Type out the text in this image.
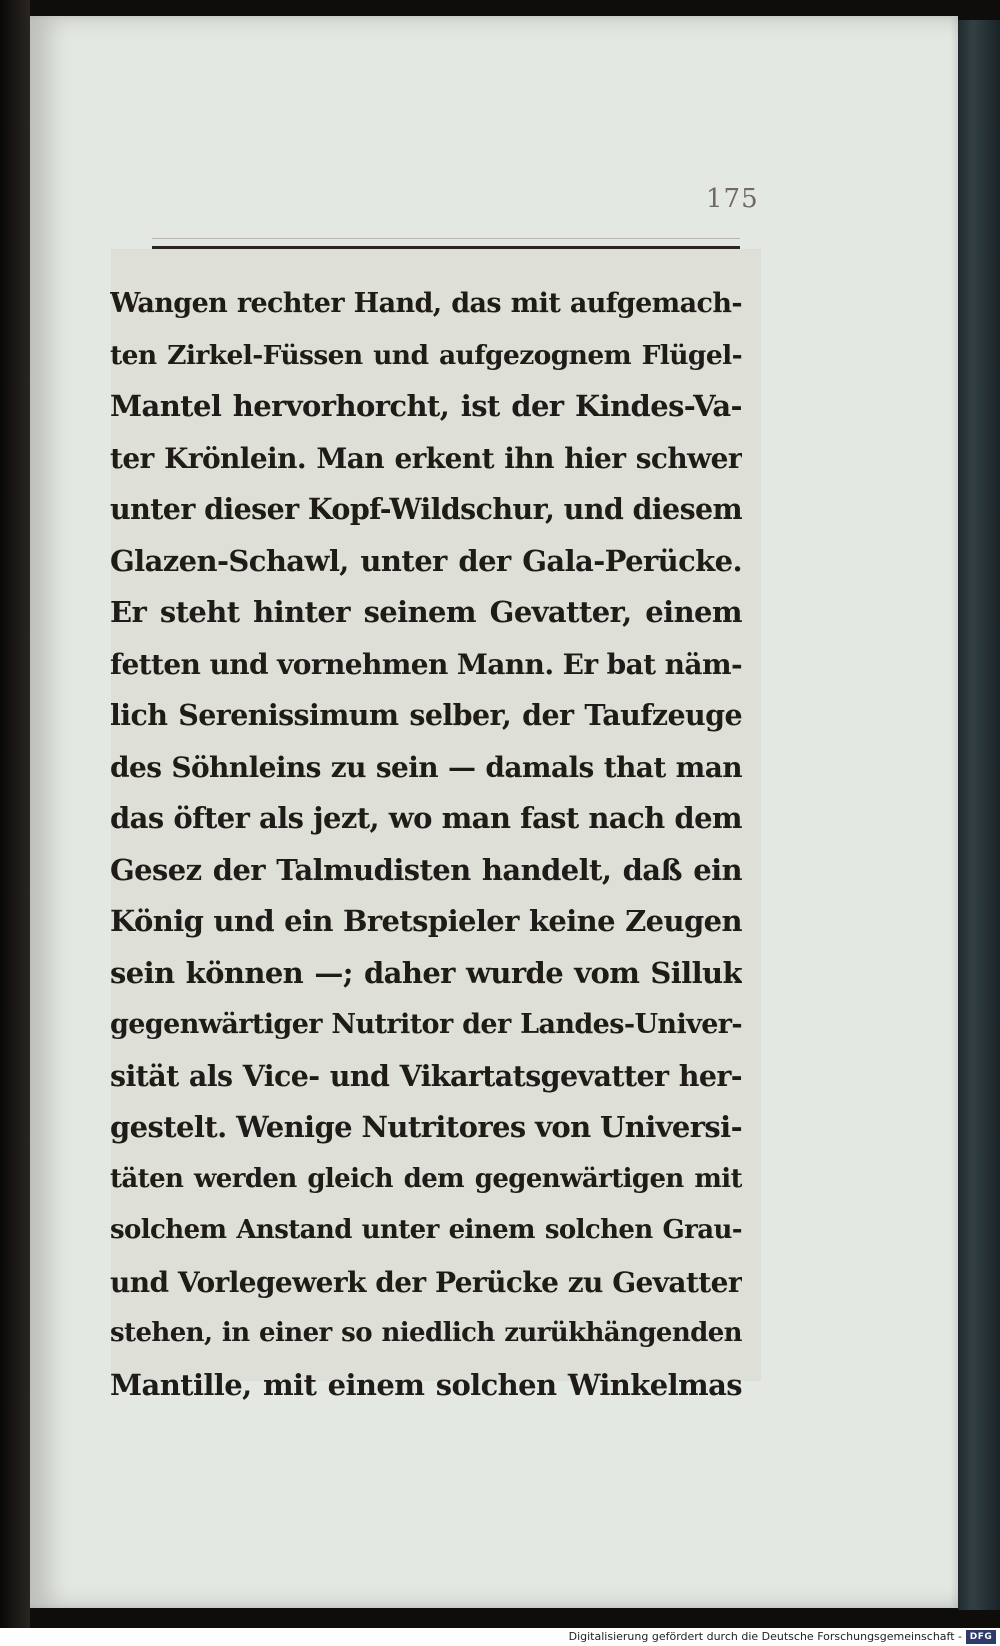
175
Wangen rechter Hand, das mit aufgemach-
ten Zirkel-Füssen und aufgezognem Flügel-
Mantel hervorhorcht, ist der Kindes-Va-
ter Krönlein. Man erkent ihn hier schwer
unter dieser Kopf-Wildschur, und diesem
Glazen-Schawl, unter der Gala-Perücke.
Er steht hinter seinem Gevatter, einem
fetten und vornehmen Mann. Er bat näm-
lich Serenissimum selber, der Taufzeuge
des Söhnleins zu sein — damals that man
das öfter als jezt, wo man fast nach dem
Gesez der Talmudisten handelt, daß ein
König und ein Bretspieler keine Zeugen
sein können —; daher wurde vom Silluk
gegenwärtiger Nutritor der Landes-Univer-
sität als Vice- und Vikartatsgevatter her-
gestelt. Wenige Nutritores von Universi-
täten werden gleich dem gegenwärtigen mit
solchem Anstand unter einem solchen Grau-
und Vorlegewerk der Perücke zu Gevatter
stehen, in einer so niedlich zurükhängenden
Mantille, mit einem solchen Winkelmas
Digitalisierung gefördert durch die Deutsche Forschungsgemeinschaft - DFG
